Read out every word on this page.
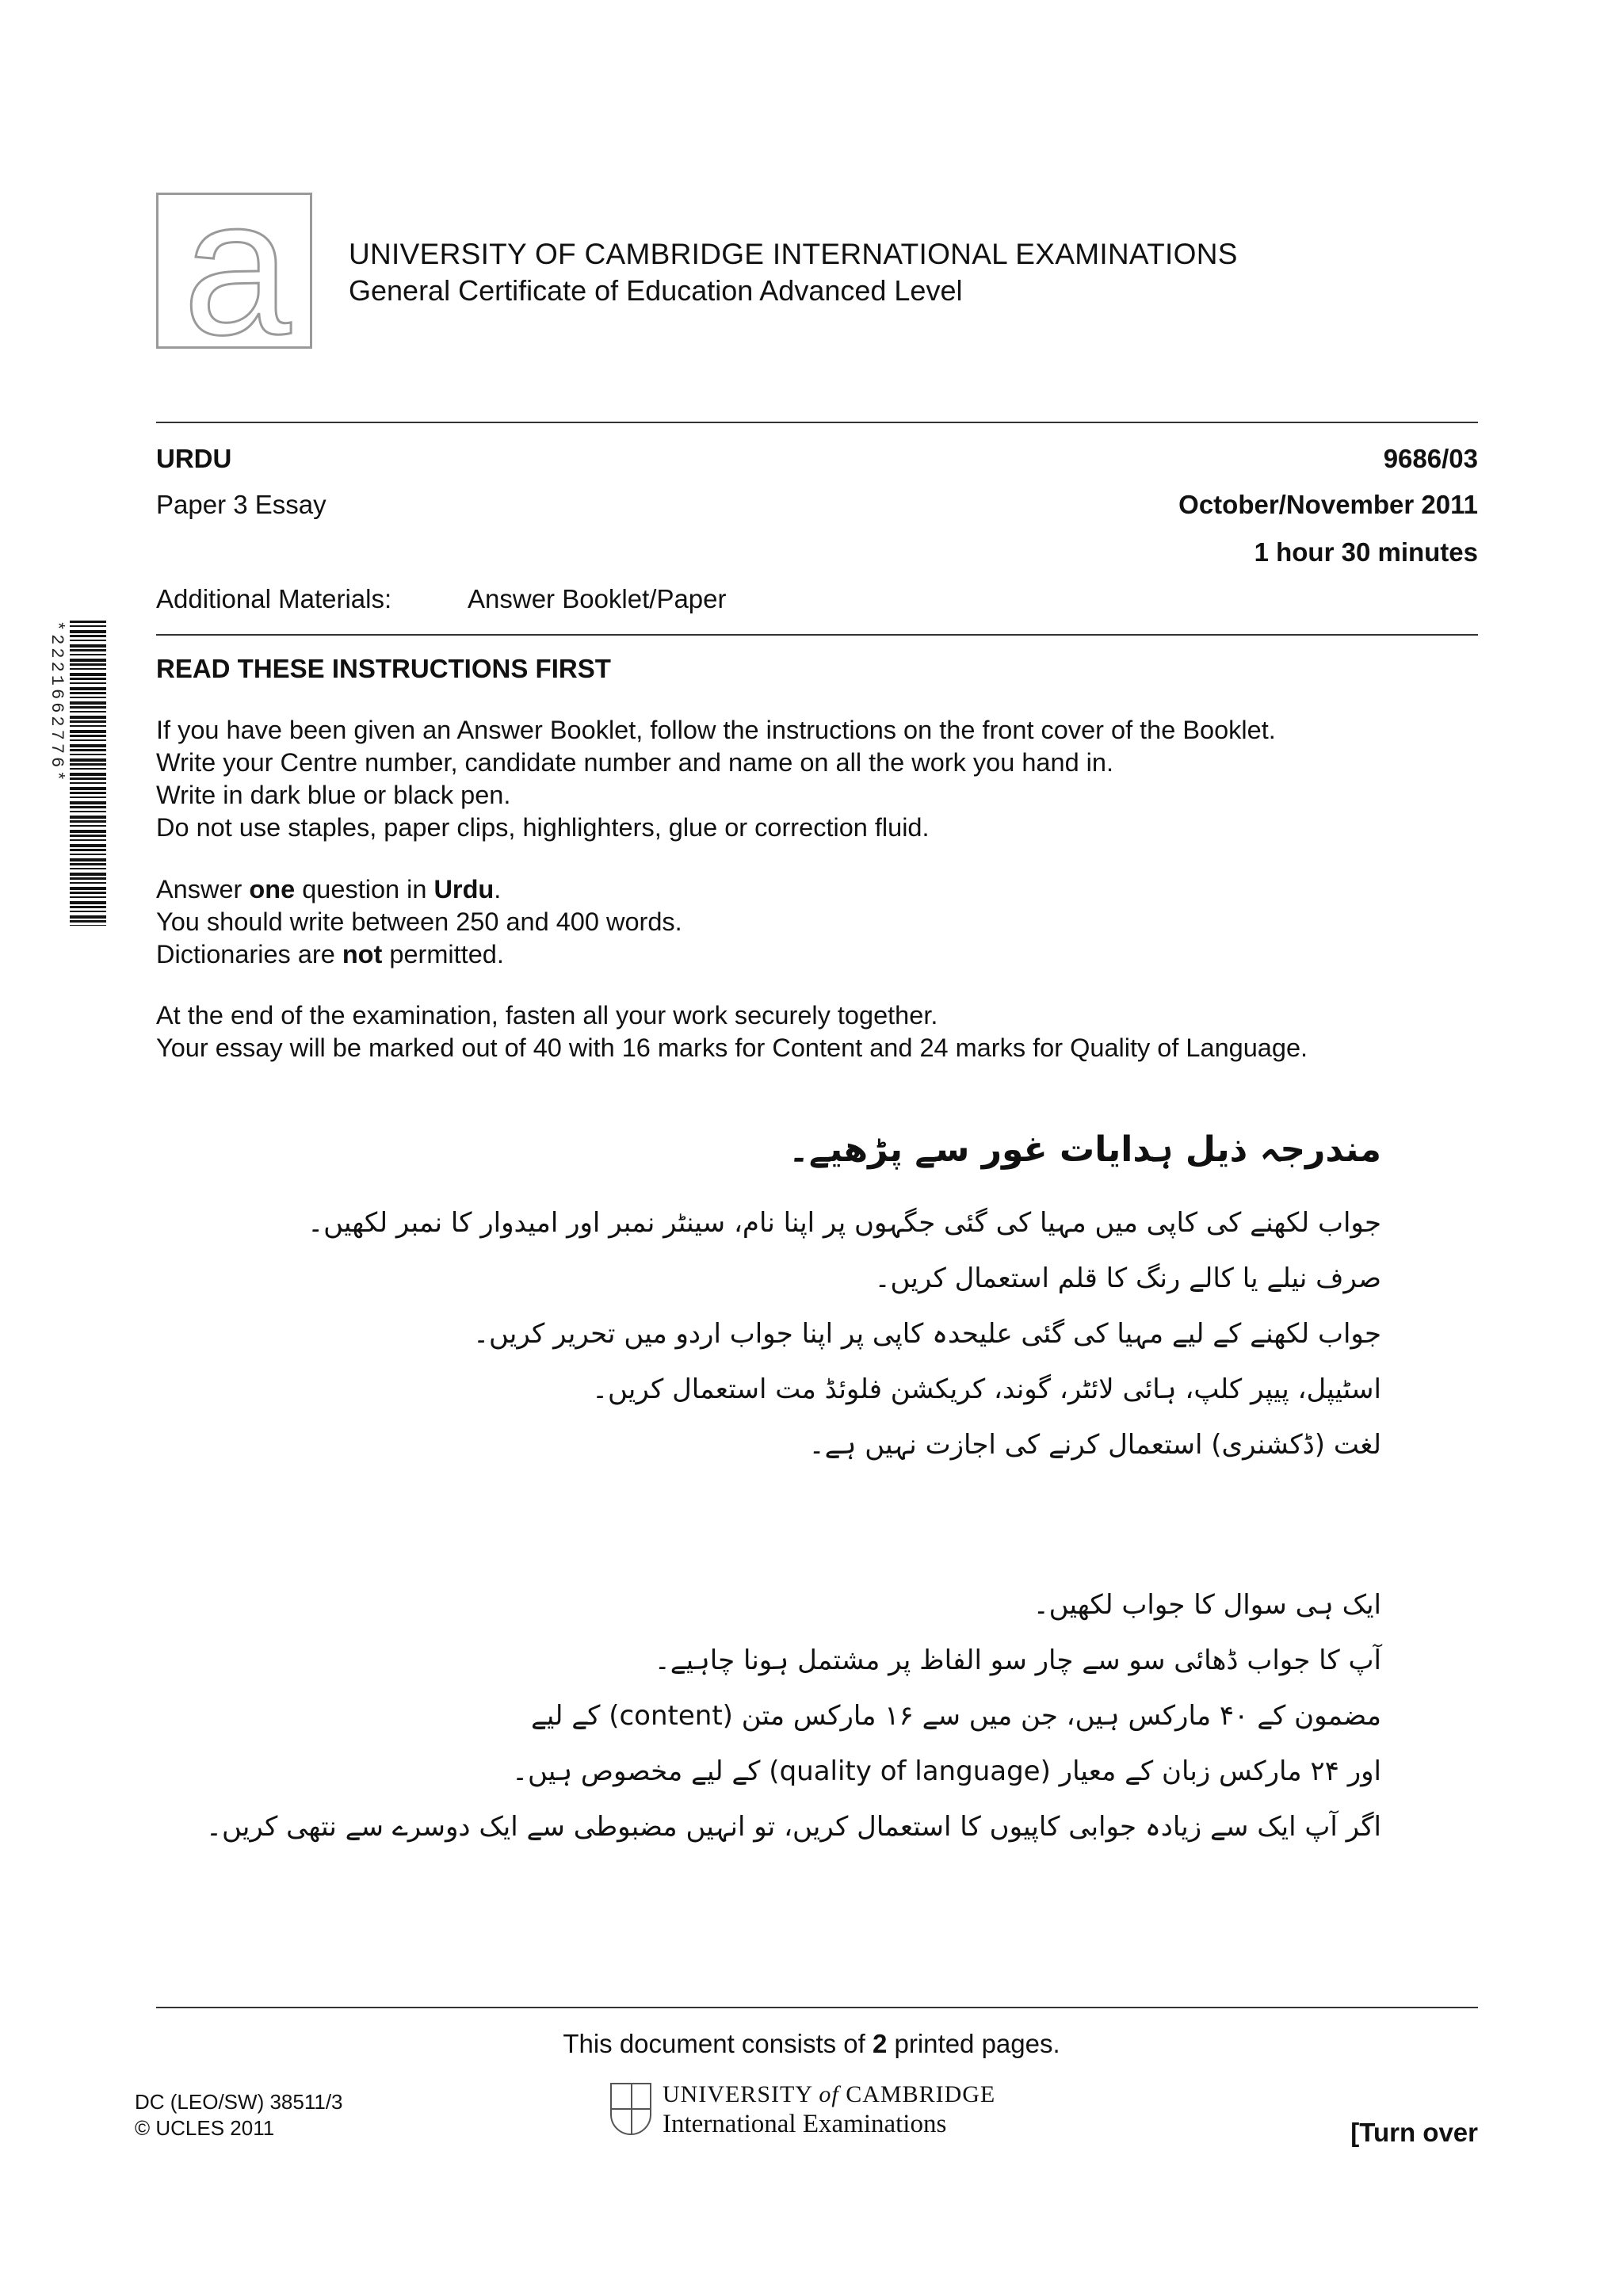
a	UNIVERSITY OF CAMBRIDGE INTERNATIONAL EXAMINATIONS
General Certificate of Education Advanced Level
URDU	9686/03
Paper 3 Essay	October/November 2011
1 hour 30 minutes
Additional Materials:	Answer Booklet/Paper
*2221662776*	READ THESE INSTRUCTIONS FIRST

If you have been given an Answer Booklet, follow the instructions on the front cover of the Booklet.

Write your Centre number, candidate number and name on all the work you hand in.

Write in dark blue or black pen.

Do not use staples, paper clips, highlighters, glue or correction fluid.

Answer one question in Urdu.

You should write between 250 and 400 words.

Dictionaries are not permitted.

At the end of the examination, fasten all your work securely together.

Your essay will be marked out of 40 with 16 marks for Content and 24 marks for Quality of Language.

مندرجہ ذیل ہدایات غور سے پڑھیے۔

جواب لکھنے کی کاپی میں مہیا کی گئی جگہوں پر اپنا نام، سینٹر نمبر اور امیدوار کا نمبر لکھیں۔

صرف نیلے یا کالے رنگ کا قلم استعمال کریں۔

جواب لکھنے کے لیے مہیا کی گئی علیحدہ کاپی پر اپنا جواب اردو میں تحریر کریں۔

اسٹیپل، پیپر کلپ، ہائی لائٹر، گوند، کریکشن فلوئڈ مت استعمال کریں۔

لغت (ڈکشنری) استعمال کرنے کی اجازت نہیں ہے۔

ایک ہی سوال کا جواب لکھیں۔

آپ کا جواب ڈھائی سو سے چار سو الفاظ پر مشتمل ہونا چاہیے۔

مضمون کے ۴۰ مارکس ہیں، جن میں سے ۱۶ مارکس متن (content) کے لیے

اور ۲۴ مارکس زبان کے معیار (quality of language) کے لیے مخصوص ہیں۔

اگر آپ ایک سے زیادہ جوابی کاپیوں کا استعمال کریں، تو انہیں مضبوطی سے ایک دوسرے سے نتھی کریں۔

This document consists of 2 printed pages.
DC (LEO/SW) 38511/3
© UCLES 2011
UNIVERSITY of CAMBRIDGE
International Examinations	[Turn over
